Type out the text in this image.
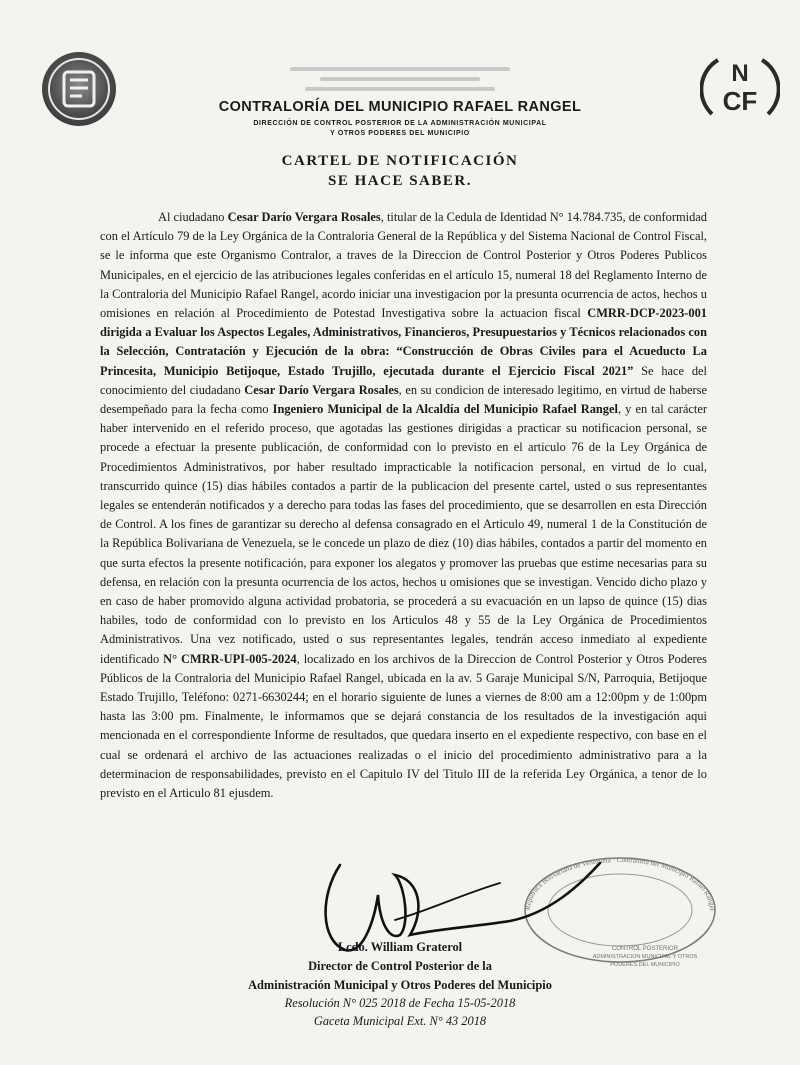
N
CF
CONTRALORÍA DEL MUNICIPIO RAFAEL RANGEL
DIRECCIÓN DE CONTROL POSTERIOR DE LA ADMINISTRACIÓN MUNICIPAL
Y OTROS PODERES DEL MUNICIPIO
CARTEL DE NOTIFICACIÓN
SE HACE SABER.
Al ciudadano Cesar Darío Vergara Rosales, titular de la Cedula de Identidad N° 14.784.735, de conformidad con el Artículo 79 de la Ley Orgánica de la Contraloria General de la República y del Sistema Nacional de Control Fiscal, se le informa que este Organismo Contralor, a traves de la Direccion de Control Posterior y Otros Poderes Publicos Municipales, en el ejercicio de las atribuciones legales conferidas en el artículo 15, numeral 18 del Reglamento Interno de la Contraloria del Municipio Rafael Rangel, acordo iniciar una investigacion por la presunta ocurrencia de actos, hechos u omisiones en relación al Procedimiento de Potestad Investigativa sobre la actuacion fiscal CMRR-DCP-2023-001 dirigida a Evaluar los Aspectos Legales, Administrativos, Financieros, Presupuestarios y Técnicos relacionados con la Selección, Contratación y Ejecución de la obra: “Construcción de Obras Civiles para el Acueducto La Princesita, Municipio Betijoque, Estado Trujillo, ejecutada durante el Ejercicio Fiscal 2021” Se hace del conocimiento del ciudadano Cesar Darío Vergara Rosales, en su condicion de interesado legitimo, en virtud de haberse desempeñado para la fecha como Ingeniero Municipal de la Alcaldía del Municipio Rafael Rangel, y en tal carácter haber intervenido en el referido proceso, que agotadas las gestiones dirigidas a practicar su notificacion personal, se procede a efectuar la presente publicación, de conformidad con lo previsto en el articulo 76 de la Ley Orgánica de Procedimientos Administrativos, por haber resultado impracticable la notificacion personal, en virtud de lo cual, transcurrido quince (15) dias hábiles contados a partir de la publicacion del presente cartel, usted o sus representantes legales se entenderán notificados y a derecho para todas las fases del procedimiento, que se desarrollen en esta Dirección de Control. A los fines de garantizar su derecho al defensa consagrado en el Articulo 49, numeral 1 de la Constitución de la República Bolivariana de Venezuela, se le concede un plazo de diez (10) dias hábiles, contados a partir del momento en que surta efectos la presente notificación, para exponer los alegatos y promover las pruebas que estime necesarias para su defensa, en relación con la presunta ocurrencia de los actos, hechos u omisiones que se investigan. Vencido dicho plazo y en caso de haber promovido alguna actividad probatoria, se procederá a su evacuación en un lapso de quince (15) dias habiles, todo de conformidad con lo previsto en los Articulos 48 y 55 de la Ley Orgánica de Procedimientos Administrativos. Una vez notificado, usted o sus representantes legales, tendrán acceso inmediato al expediente identificado N° CMRR-UPI-005-2024, localizado en los archivos de la Direccion de Control Posterior y Otros Poderes Públicos de la Contraloria del Municipio Rafael Rangel, ubicada en la av. 5 Garaje Municipal S/N, Parroquia, Betijoque Estado Trujillo, Teléfono: 0271-6630244; en el horario siguiente de lunes a viernes de 8:00 am a 12:00pm y de 1:00pm hasta las 3:00 pm. Finalmente, le informamos que se dejará constancia de los resultados de la investigación aqui mencionada en el correspondiente Informe de resultados, que quedara inserto en el expediente respectivo, con base en el cual se ordenará el archivo de las actuaciones realizadas o el inicio del procedimiento administrativo para a la determinacion de responsabilidades, previsto en el Capitulo IV del Titulo III de la referida Ley Orgánica, a tenor de lo previsto en el Articulo 81 ejusdem.
República Bolivariana de Venezuela · Contraloría del Municipio Rafael Rangel
CONTROL POSTERIOR
ADMINISTRACION MUNICIPAL Y OTROS
PODERES DEL MUNICIPIO
Lcdo. William Graterol
Director de Control Posterior de la
Administración Municipal y Otros Poderes del Municipio
Resolución N° 025 2018 de Fecha 15-05-2018
Gaceta Municipal Ext. N° 43 2018
